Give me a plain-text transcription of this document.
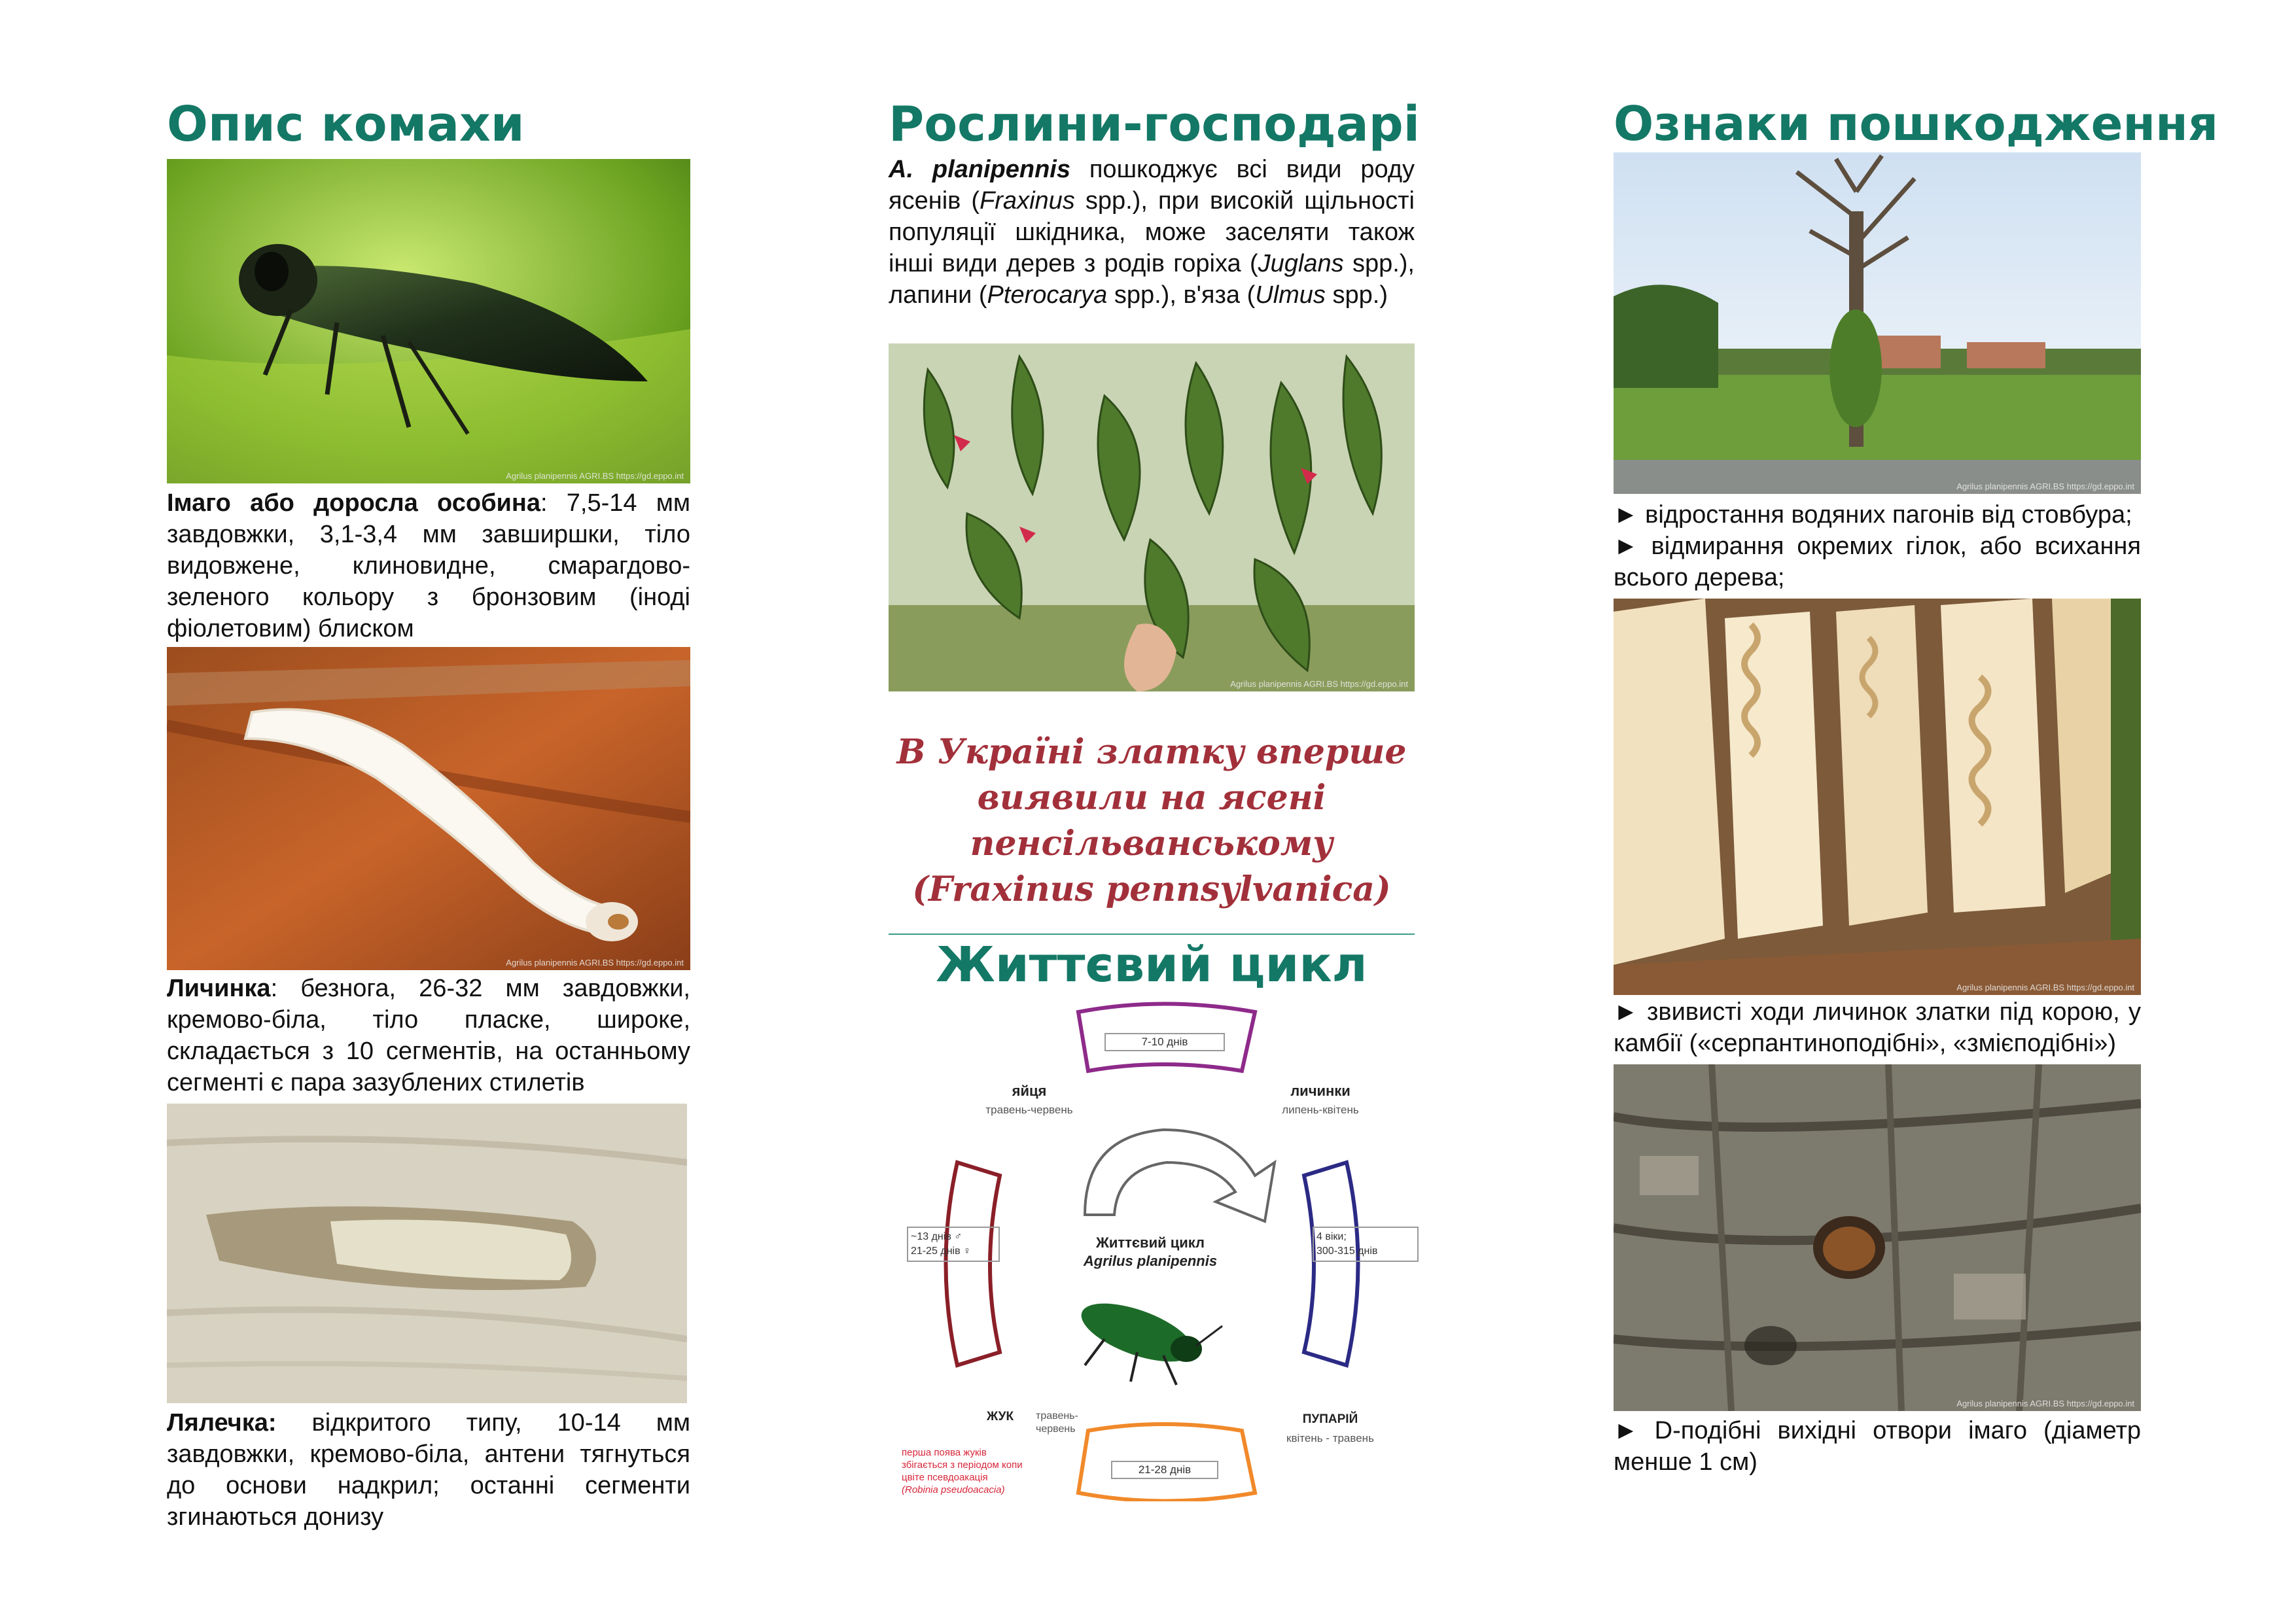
Опис комахи
Agrilus planipennis AGRI.BS https://gd.eppo.int

Імаго або доросла особина: 7,5-14 мм завдовжки, 3,1-3,4 мм завширшки, тіло видовжене, клиновидне, смарагдово-зеленого кольору з бронзовим (іноді фіолетовим) блиском

Agrilus planipennis AGRI.BS https://gd.eppo.int

Личинка: безнога, 26-32 мм завдовжки, кремово-біла, тіло пласке, широке, складається з 10 сегментів, на останньому сегменті є пара зазублених стилетів

Лялечка: відкритого типу, 10-14 мм завдовжки, кремово-біла, антени тягнуться до основи надкрил; останні сегменти згинаються донизу

Рослини-господарі

A. planipennis пошкоджує всі види роду ясенів (Fraxinus spp.), при високій щільності популяції шкідника, може заселяти також інші види дерев з родів горіха (Juglans spp.), лапини (Pterocarya spp.), в'яза (Ulmus spp.)

Agrilus planipennis AGRI.BS https://gd.eppo.int

В Україні златку вперше

виявили на ясені

пенсільванському

(Fraxinus pennsylvanica)

Життєвий цикл
7-10 днів
яйця
травень-червень
личинки
липень-квітень
~13 днів ♂
21-25 днів ♀
4 віки;
300-315 днів
Життєвий цикл
Agrilus planipennis
ЖУК	травень-
червень
ПУПАРІЙ
квітень - травень
21-28 днів
перша поява жуків
збігається з періодом копи
цвіте псевдоакація
(Robinia pseudoacacia)
Ознаки пошкодження
Agrilus planipennis AGRI.BS https://gd.eppo.int

► відростання водяних пагонів від стовбура;

► відмирання окремих гілок, або всихання всього дерева;

Agrilus planipennis AGRI.BS https://gd.eppo.int

► звивисті ходи личинок златки під корою, у камбії («серпантиноподібні», «змієподібні»)

Agrilus planipennis AGRI.BS https://gd.eppo.int

► D-подібні вихідні отвори імаго (діаметр менше 1 см)
